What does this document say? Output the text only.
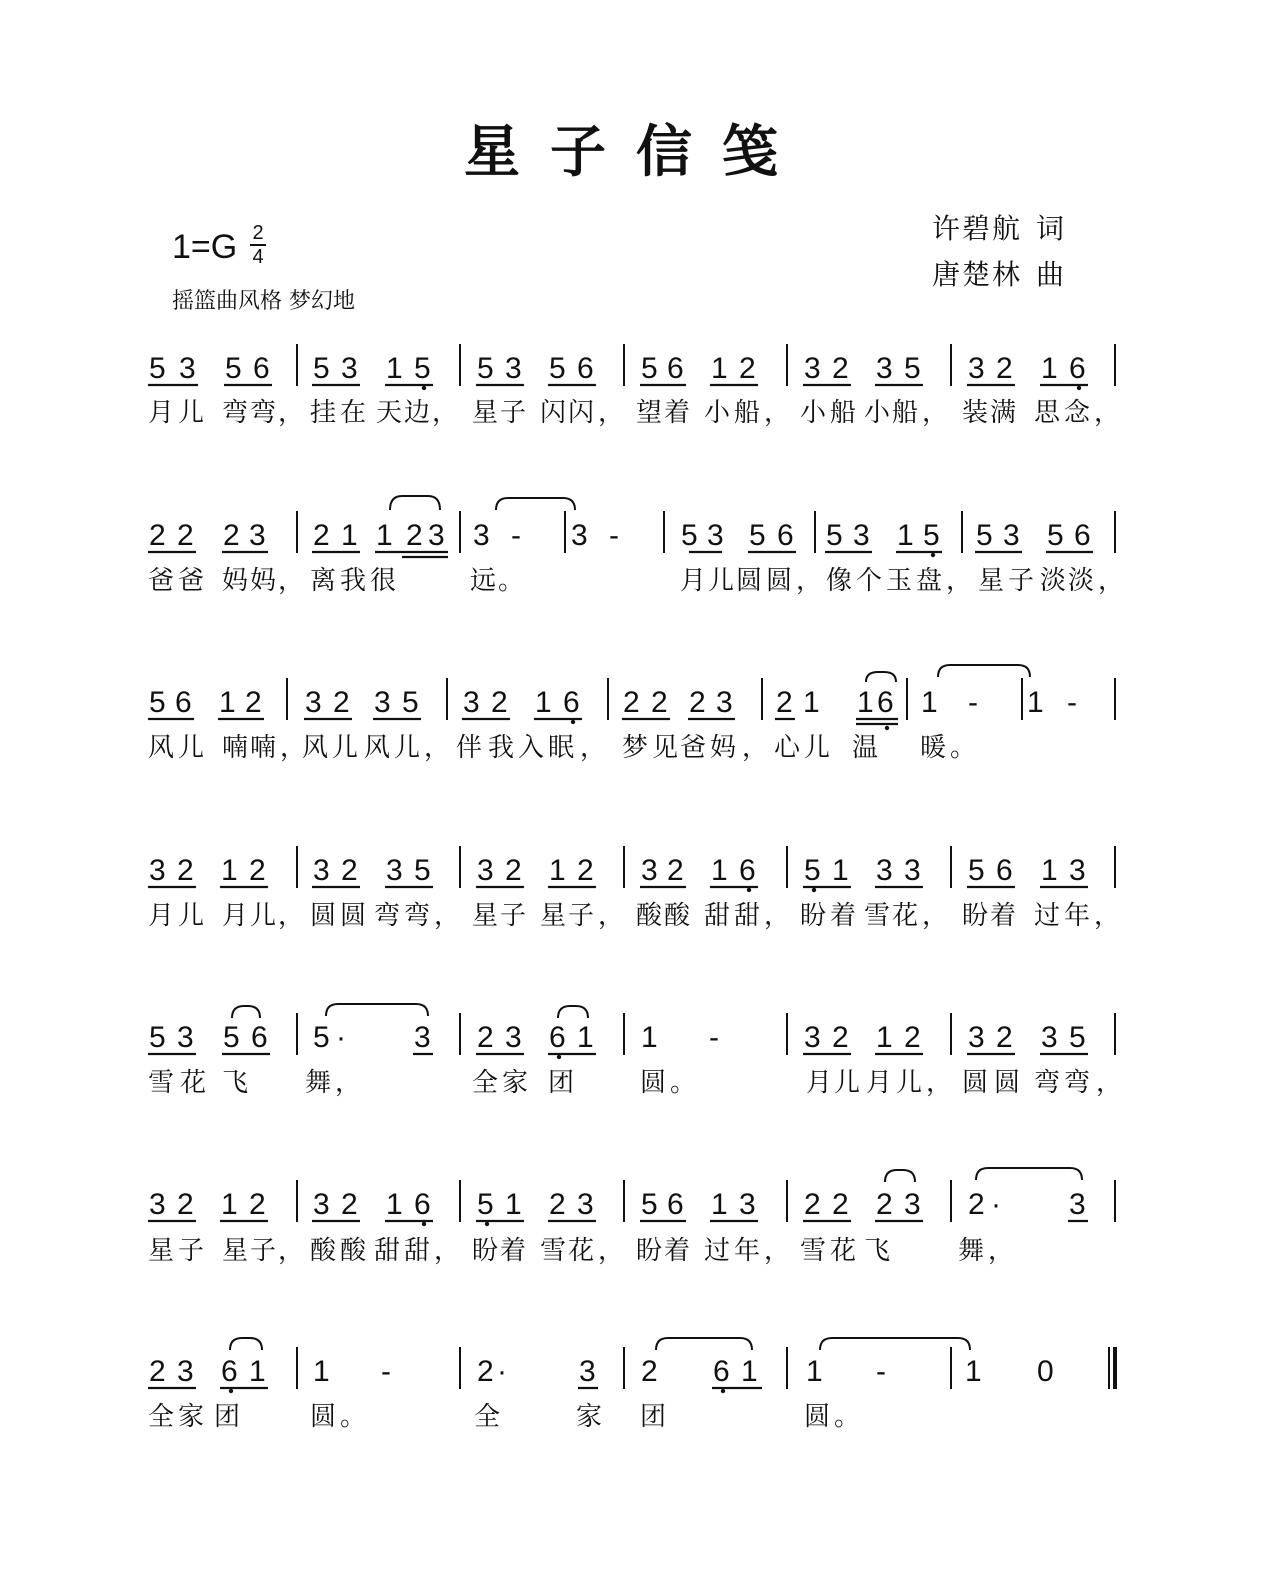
星子信笺
1=G 2
4
摇篮曲风格 梦幻地
许碧航 词
唐楚林 曲
5 3 5 6 5 3 1 5 5 3 5 6 5 6 1 2 3 2 3 5 3 2 1 6
2 2 2 3 2 1 1 2 3 3 - 3 - 5 3 5 6 5 3 1 5 5 3 5 6
5 6 1 2 3 2 3 5 3 2 1 6 2 2 2 3 2 1 1 6 1 - 1 -
3 2 1 2 3 2 3 5 3 2 1 2 3 2 1 6 5 1 3 3 5 6 1 3
5 3 5 6 5 · 3 2 3 6 1 1 -	3 2 1 2 3 2 3 5
3 2 1 2 3 2 1 6 5 1 2 3 5 6 1 3 2 2 2 3 2 · 3
2 3 6 1 1 -	2 · 3 2 6 1 1 -	1 0
月 儿 弯 弯 ， 挂 在 天 边 ， 星 子 闪 闪 ， 望 着 小 船 ， 小 船 小 船 ， 装 满 思 念 ，
爸 爸 妈 妈 ， 离 我 很	远 。	月 儿 圆 圆 ， 像 个 玉 盘 ， 星 子 淡 淡 ，
风 儿 喃 喃 ，
风 儿 风 儿 ， 伴 我 入 眠 ， 梦 见 爸 妈 ， 心 儿 温 暖 。
月 儿 月 儿 ， 圆 圆 弯 弯 ， 星 子 星 子 ， 酸 酸 甜 甜 ， 盼 着 雪 花 ， 盼 着 过 年 ，
雪 花 飞 舞 ，	全 家 团	圆 。	月 儿 月 儿 ， 圆 圆 弯 弯 ，
星 子 星 子 ， 酸 酸 甜 甜 ， 盼 着 雪 花 ， 盼 着 过 年 ， 雪 花 飞	舞 ，
全 家 团	圆 。	全	家 团	圆 。
